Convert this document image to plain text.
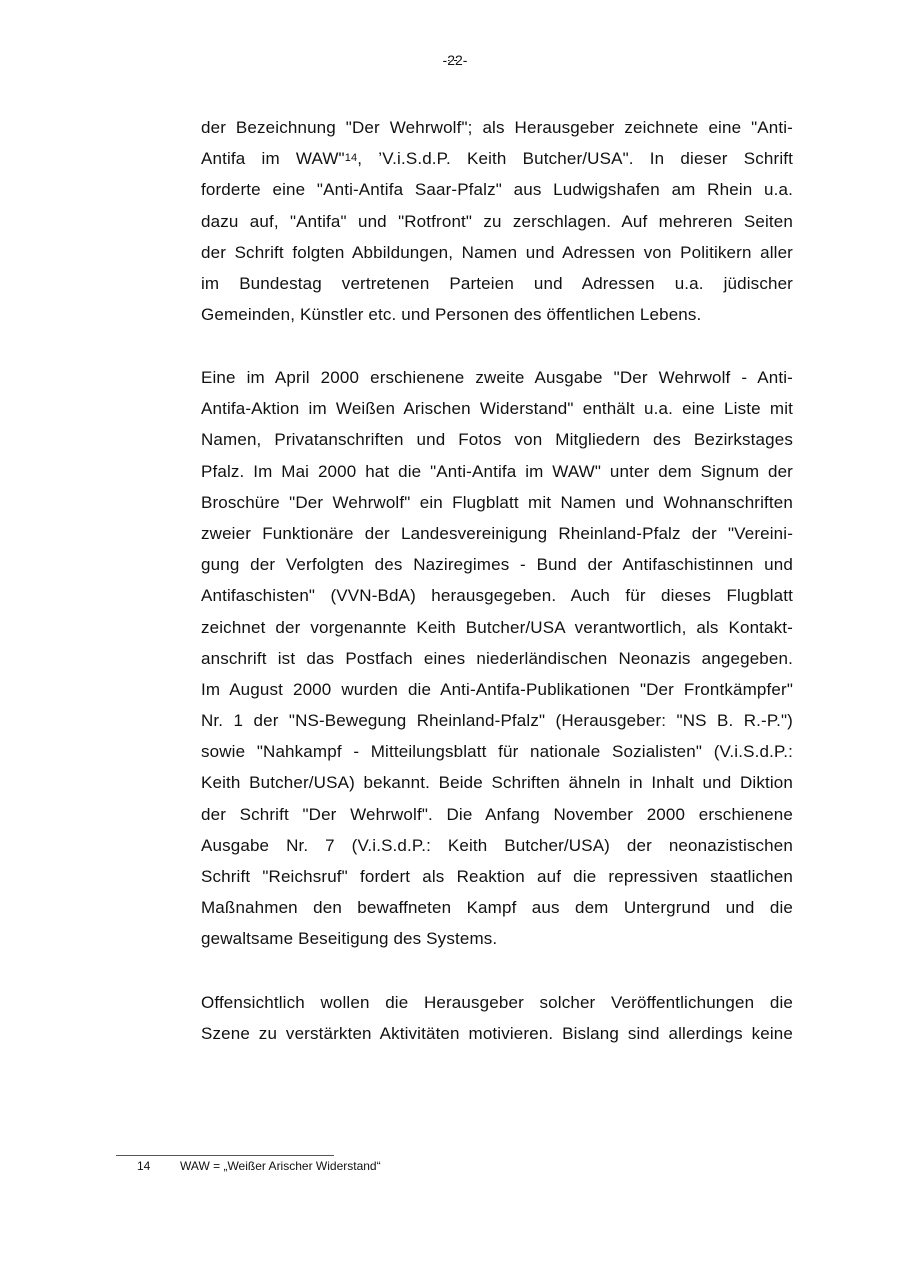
-22-
der Bezeichnung "Der Wehrwolf"; als Herausgeber zeichnete eine "Anti-
Antifa im WAW"$^{14}$, ’V.i.S.d.P. Keith Butcher/USA". In dieser Schrift
forderte eine "Anti-Antifa Saar-Pfalz" aus Ludwigshafen am Rhein u.a.
dazu auf, "Antifa" und "Rotfront" zu zerschlagen. Auf mehreren Seiten
der Schrift folgten Abbildungen, Namen und Adressen von Politikern aller
im Bundestag vertretenen Parteien und Adressen u.a. jüdischer
Gemeinden, Künstler etc. und Personen des öffentlichen Lebens.
Eine im April 2000 erschienene zweite Ausgabe "Der Wehrwolf - Anti-
Antifa-Aktion im Weißen Arischen Widerstand" enthält u.a. eine Liste mit
Namen, Privatanschriften und Fotos von Mitgliedern des Bezirkstages
Pfalz. Im Mai 2000 hat die "Anti-Antifa im WAW" unter dem Signum der
Broschüre "Der Wehrwolf" ein Flugblatt mit Namen und Wohnanschriften
zweier Funktionäre der Landesvereinigung Rheinland-Pfalz der "Vereini-
gung der Verfolgten des Naziregimes - Bund der Antifaschistinnen und
Antifaschisten" (VVN-BdA) herausgegeben. Auch für dieses Flugblatt
zeichnet der vorgenannte Keith Butcher/USA verantwortlich, als Kontakt-
anschrift ist das Postfach eines niederländischen Neonazis angegeben.
Im August 2000 wurden die Anti-Antifa-Publikationen "Der Frontkämpfer"
Nr. 1 der "NS-Bewegung Rheinland-Pfalz" (Herausgeber: "NS B. R.-P.")
sowie "Nahkampf - Mitteilungsblatt für nationale Sozialisten" (V.i.S.d.P.:
Keith Butcher/USA) bekannt. Beide Schriften ähneln in Inhalt und Diktion
der Schrift "Der Wehrwolf". Die Anfang November 2000 erschienene
Ausgabe Nr. 7 (V.i.S.d.P.: Keith Butcher/USA) der neonazistischen
Schrift "Reichsruf" fordert als Reaktion auf die repressiven staatlichen
Maßnahmen den bewaffneten Kampf aus dem Untergrund und die
gewaltsame Beseitigung des Systems.
Offensichtlich wollen die Herausgeber solcher Veröffentlichungen die
Szene zu verstärkten Aktivitäten motivieren. Bislang sind allerdings keine
14 WAW = „Weißer Arischer Widerstand“
